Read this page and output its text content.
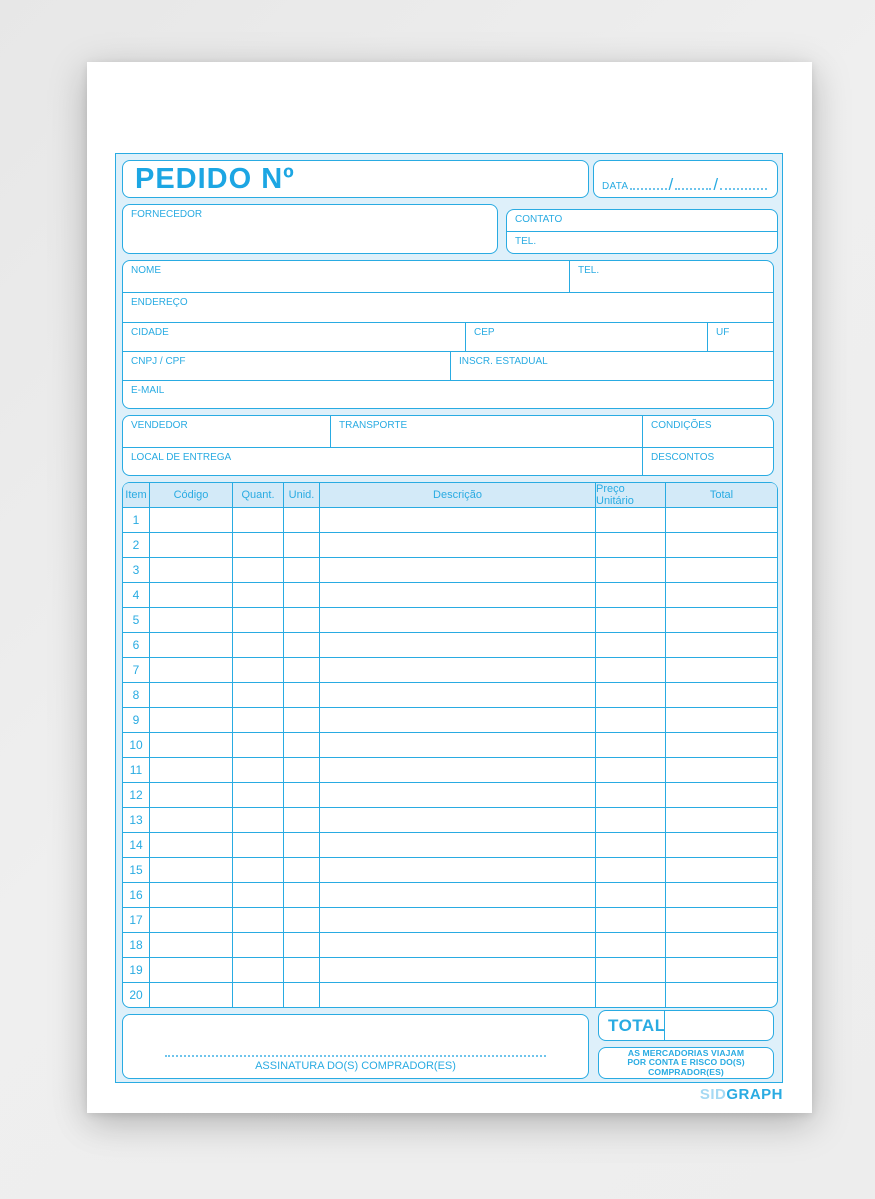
PEDIDO Nº	DATA / /
FORNECEDOR	CONTATO
TEL.
NOME	TEL.
ENDEREÇO
CIDADE	CEP	UF
CNPJ / CPF	INSCR. ESTADUAL
E-MAIL
VENDEDOR	TRANSPORTE	CONDIÇÕES
LOCAL DE ENTREGA	DESCONTOS
Item	Código	Quant.	Unid.	Descrição	Preço Unitário	Total
1
2
3
4
5
6
7
8
9
10
11
12
13
14
15
16
17
18
19
20
ASSINATURA DO(S) COMPRADOR(ES)
TOTAL
AS MERCADORIAS VIAJAM
POR CONTA E RISCO DO(S)
COMPRADOR(ES)
SIDGRAPH
